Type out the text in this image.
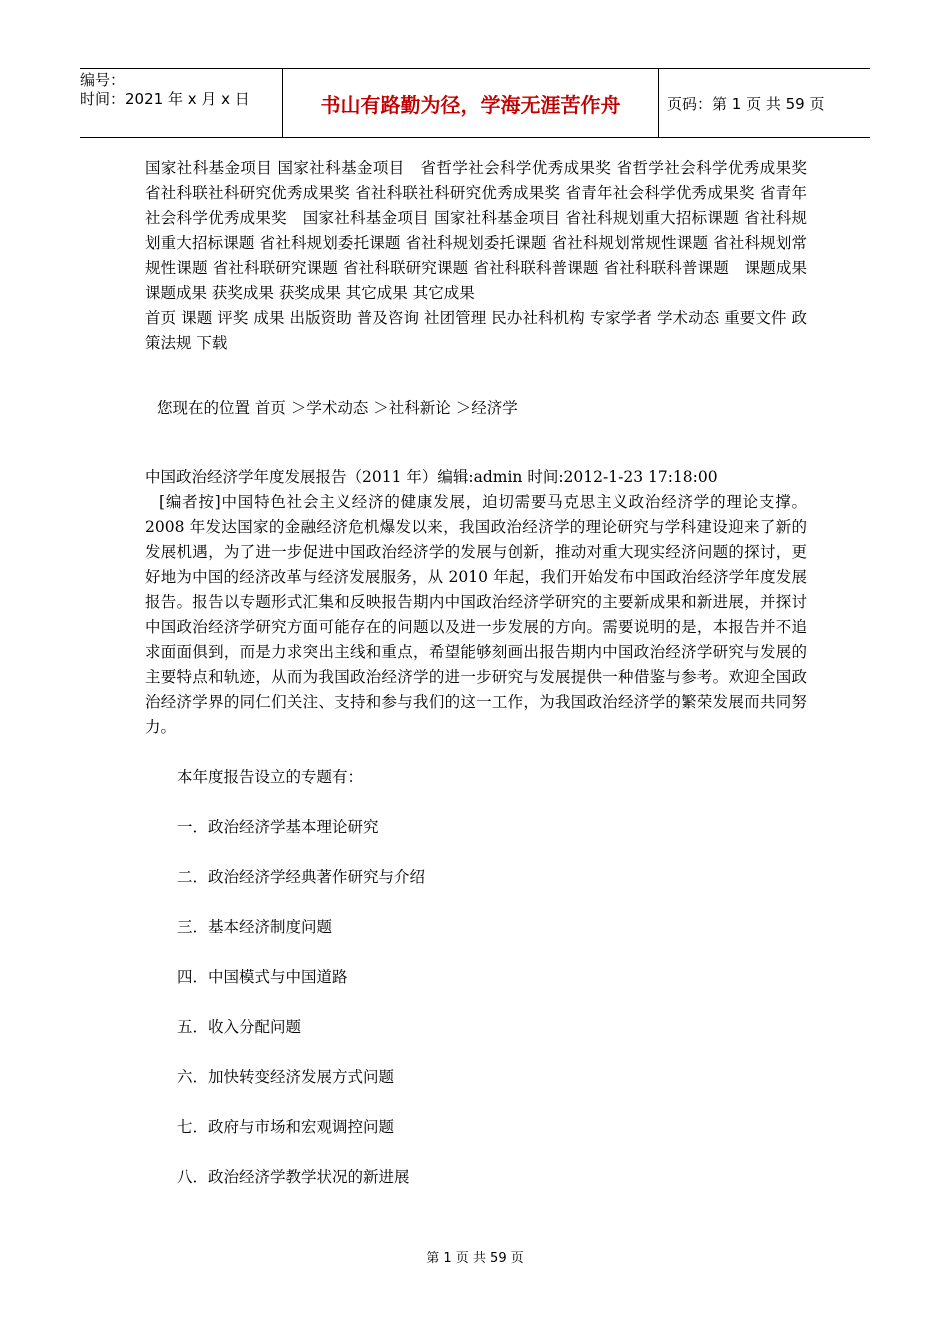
编号：
时间：2021 年 x 月 x 日	书山有路勤为径，学海无涯苦作舟	页码：第 1 页 共 59 页

国家社科基金项目 国家社科基金项目　省哲学社会科学优秀成果奖 省哲学社会科学优秀成果奖 省社科联社科研究优秀成果奖 省社科联社科研究优秀成果奖 省青年社会科学优秀成果奖 省青年社会科学优秀成果奖　国家社科基金项目 国家社科基金项目 省社科规划重大招标课题 省社科规划重大招标课题 省社科规划委托课题 省社科规划委托课题 省社科规划常规性课题 省社科规划常规性课题 省社科联研究课题 省社科联研究课题 省社科联科普课题 省社科联科普课题　课题成果 课题成果 获奖成果 获奖成果 其它成果 其它成果

首页 课题 评奖 成果 出版资助 普及咨询 社团管理 民办社科机构 专家学者 学术动态 重要文件 政策法规 下载

您现在的位置 首页 ＞学术动态 ＞社科新论 ＞经济学

中国政治经济学年度发展报告（2011 年）编辑:admin 时间:2012-1-23 17:18:00

[编者按]中国特色社会主义经济的健康发展，迫切需要马克思主义政治经济学的理论支撑。2008 年发达国家的金融经济危机爆发以来，我国政治经济学的理论研究与学科建设迎来了新的发展机遇，为了进一步促进中国政治经济学的发展与创新，推动对重大现实经济问题的探讨，更好地为中国的经济改革与经济发展服务，从 2010 年起，我们开始发布中国政治经济学年度发展报告。报告以专题形式汇集和反映报告期内中国政治经济学研究的主要新成果和新进展，并探讨中国政治经济学研究方面可能存在的问题以及进一步发展的方向。需要说明的是，本报告并不追求面面俱到，而是力求突出主线和重点，希望能够刻画出报告期内中国政治经济学研究与发展的主要特点和轨迹，从而为我国政治经济学的进一步研究与发展提供一种借鉴与参考。欢迎全国政治经济学界的同仁们关注、支持和参与我们的这一工作，为我国政治经济学的繁荣发展而共同努力。

本年度报告设立的专题有：

一．政治经济学基本理论研究

二．政治经济学经典著作研究与介绍

三．基本经济制度问题

四．中国模式与中国道路

五．收入分配问题

六．加快转变经济发展方式问题

七．政府与市场和宏观调控问题

八．政治经济学教学状况的新进展

第 1 页 共 59 页
